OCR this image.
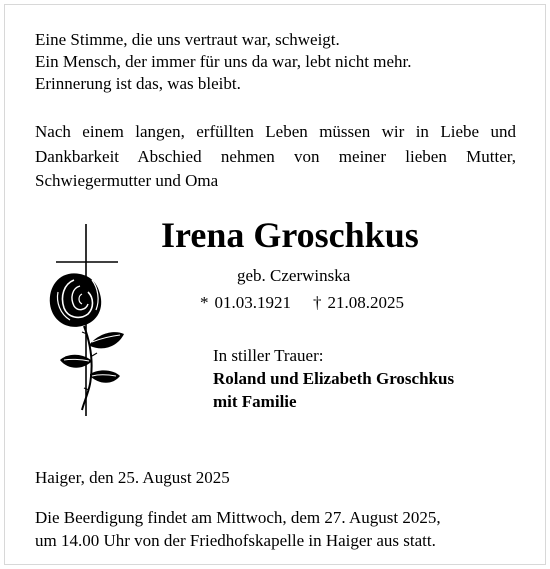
Eine Stimme, die uns vertraut war, schweigt.
Ein Mensch, der immer für uns da war, lebt nicht mehr.
Erinnerung ist das, was bleibt.
Nach einem langen, erfüllten Leben müssen wir in Liebe und Dankbarkeit Abschied nehmen von meiner lieben Mutter, Schwiegermutter und Oma
Irena Groschkus
geb. Czerwinska
* 01.03.1921 † 21.08.2025
In stiller Trauer:
Roland und Elizabeth Groschkus
mit Familie
Haiger, den 25. August 2025
Die Beerdigung findet am Mittwoch, dem 27. August 2025,
um 14.00 Uhr von der Friedhofskapelle in Haiger aus statt.
